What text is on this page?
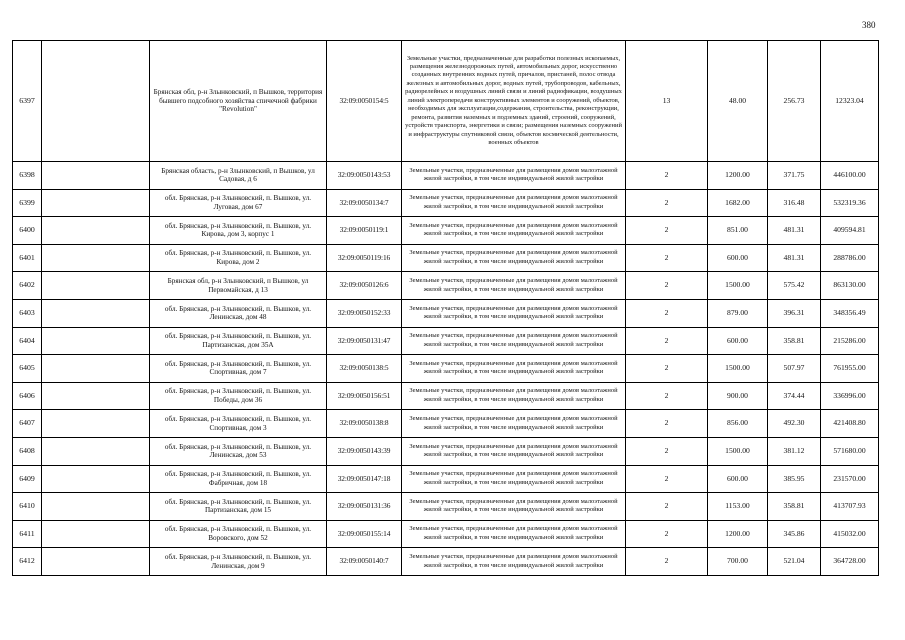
380
6397		Брянская обл, р-н Злынковский, п Вышков, территория бывшего подсобного хозяйства спичечной фабрики "Revolution"	32:09:0050154:5	Земельные участки, предназначенные для разработки полезных ископаемых, размещения железнодорожных путей, автомобильных дорог, искусственно созданных внутренних водных путей, причалов, пристаней, полос отвода железных и автомобильных дорог, водных путей, трубопроводов, кабельных, радиорелейных и воздушных линий связи и линий радиофикации, воздушных линий электропередачи конструктивных элементов и сооружений, объектов, необходимых для эксплуатации,содержания, строительства, реконструкции, ремонта, развития наземных и подземных зданий, строений, сооружений, устройств транспорта, энергетики и связи; размещения наземных сооружений и инфраструктуры спутниковой связи, объектов космической деятельности, военных объектов	13	48.00	256.73	12323.04
6398		Брянская область, р-н Злынковский, п Вышков, ул Садовая, д 6	32:09:0050143:53	Земельные участки, предназначенные для размещения домов малоэтажной жилой застройки, в том числе индивидуальной жилой застройки	2	1200.00	371.75	446100.00
6399		обл. Брянская, р-н Злынковский, п. Вышков, ул. Луговая, дом 67	32:09:0050134:7	Земельные участки, предназначенные для размещения домов малоэтажной жилой застройки, в том числе индивидуальной жилой застройки	2	1682.00	316.48	532319.36
6400		обл. Брянская, р-н Злынковский, п. Вышков, ул. Кирова, дом 3, корпус 1	32:09:0050119:1	Земельные участки, предназначенные для размещения домов малоэтажной жилой застройки, в том числе индивидуальной жилой застройки	2	851.00	481.31	409594.81
6401		обл. Брянская, р-н Злынковский, п. Вышков, ул. Кирова, дом 2	32:09:0050119:16	Земельные участки, предназначенные для размещения домов малоэтажной жилой застройки, в том числе индивидуальной жилой застройки	2	600.00	481.31	288786.00
6402		Брянская обл, р-н Злынковский, п Вышков, ул Первомайская, д 13	32:09:0050126:6	Земельные участки, предназначенные для размещения домов малоэтажной жилой застройки, в том числе индивидуальной жилой застройки	2	1500.00	575.42	863130.00
6403		обл. Брянская, р-н Злынковский, п. Вышков, ул. Ленинская, дом 48	32:09:0050152:33	Земельные участки, предназначенные для размещения домов малоэтажной жилой застройки, в том числе индивидуальной жилой застройки	2	879.00	396.31	348356.49
6404		обл. Брянская, р-н Злынковский, п. Вышков, ул. Партизанская, дом 35А	32:09:0050131:47	Земельные участки, предназначенные для размещения домов малоэтажной жилой застройки, в том числе индивидуальной жилой застройки	2	600.00	358.81	215286.00
6405		обл. Брянская, р-н Злынковский, п. Вышков, ул. Спортивная, дом 7	32:09:0050138:5	Земельные участки, предназначенные для размещения домов малоэтажной жилой застройки, в том числе индивидуальной жилой застройки	2	1500.00	507.97	761955.00
6406		обл. Брянская, р-н Злынковский, п. Вышков, ул. Победы, дом 36	32:09:0050156:51	Земельные участки, предназначенные для размещения домов малоэтажной жилой застройки, в том числе индивидуальной жилой застройки	2	900.00	374.44	336996.00
6407		обл. Брянская, р-н Злынковский, п. Вышков, ул. Спортивная, дом 3	32:09:0050138:8	Земельные участки, предназначенные для размещения домов малоэтажной жилой застройки, в том числе индивидуальной жилой застройки	2	856.00	492.30	421408.80
6408		обл. Брянская, р-н Злынковский, п. Вышков, ул. Ленинская, дом 53	32:09:0050143:39	Земельные участки, предназначенные для размещения домов малоэтажной жилой застройки, в том числе индивидуальной жилой застройки	2	1500.00	381.12	571680.00
6409		обл. Брянская, р-н Злынковский, п. Вышков, ул. Фабричная, дом 18	32:09:0050147:18	Земельные участки, предназначенные для размещения домов малоэтажной жилой застройки, в том числе индивидуальной жилой застройки	2	600.00	385.95	231570.00
6410		обл. Брянская, р-н Злынковский, п. Вышков, ул. Партизанская, дом 15	32:09:0050131:36	Земельные участки, предназначенные для размещения домов малоэтажной жилой застройки, в том числе индивидуальной жилой застройки	2	1153.00	358.81	413707.93
6411		обл. Брянская, р-н Злынковский, п. Вышков, ул. Воровского, дом 52	32:09:0050155:14	Земельные участки, предназначенные для размещения домов малоэтажной жилой застройки, в том числе индивидуальной жилой застройки	2	1200.00	345.86	415032.00
6412		обл. Брянская, р-н Злынковский, п. Вышков, ул. Ленинская, дом 9	32:09:0050140:7	Земельные участки, предназначенные для размещения домов малоэтажной жилой застройки, в том числе индивидуальной жилой застройки	2	700.00	521.04	364728.00
